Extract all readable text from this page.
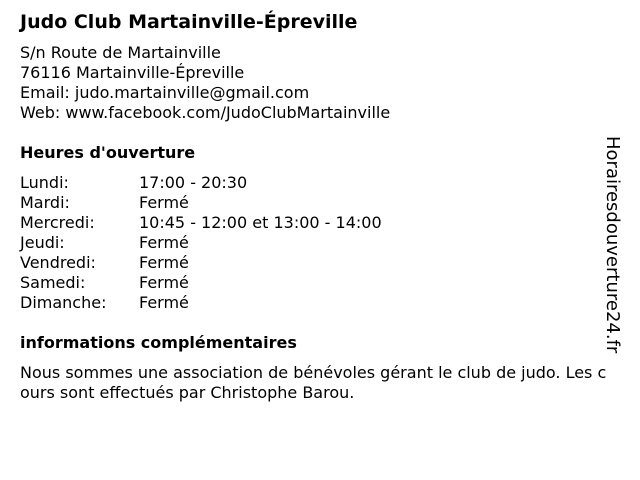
Judo Club Martainville-Épreville
S/n Route de Martainville
76116 Martainville-Épreville
Email: judo.martainville@gmail.com
Web: www.facebook.com/JudoClubMartainville
Heures d'ouverture
Lundi:	17:00 - 20:30
Mardi:	Fermé
Mercredi:	10:45 - 12:00 et 13:00 - 14:00
Jeudi:	Fermé
Vendredi:	Fermé
Samedi:	Fermé
Dimanche:	Fermé
informations complémentaires
Nous sommes une association de bénévoles gérant le club de judo. Les cours sont effectués par Christophe Barou.
Horairesdouverture24.fr
